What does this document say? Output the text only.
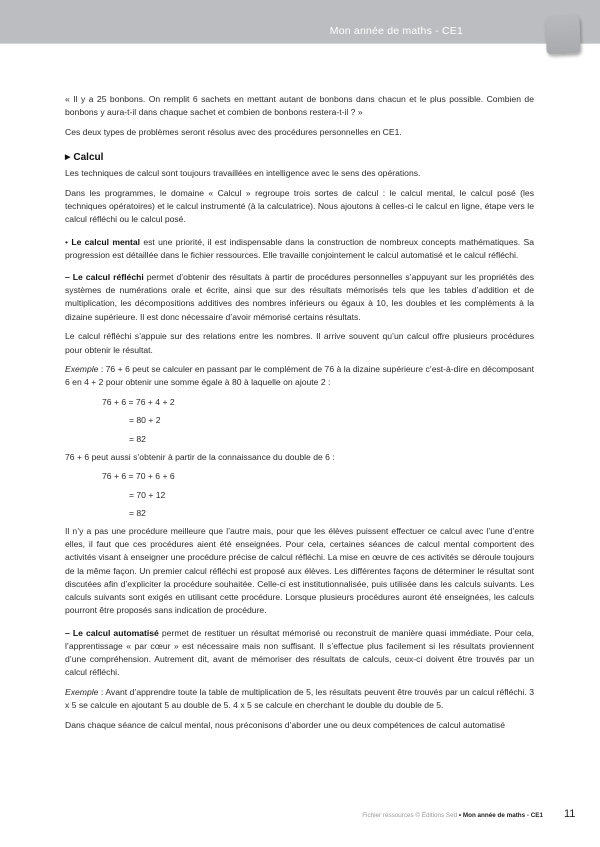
Mon année de maths - CE1

« Il y a 25 bonbons. On remplit 6 sachets en mettant autant de bonbons dans chacun et le plus possible. Combien de bonbons y aura-t-il dans chaque sachet et combien de bonbons restera-t-il ? »

Ces deux types de problèmes seront résolus avec des procédures personnelles en CE1.

▶ Calcul

Les techniques de calcul sont toujours travaillées en intelligence avec le sens des opérations.

Dans les programmes, le domaine « Calcul » regroupe trois sortes de calcul : le calcul mental, le calcul posé (les techniques opératoires) et le calcul instrumenté (à la calculatrice). Nous ajoutons à celles-ci le calcul en ligne, étape vers le calcul réfléchi ou le calcul posé.

• Le calcul mental est une priorité, il est indispensable dans la construction de nombreux concepts mathématiques. Sa progression est détaillée dans le fichier ressources. Elle travaille conjointement le calcul automatisé et le calcul réfléchi.

– Le calcul réfléchi permet d’obtenir des résultats à partir de procédures personnelles s’appuyant sur les propriétés des systèmes de numérations orale et écrite, ainsi que sur des résultats mémorisés tels que les tables d’addition et de multiplication, les décompositions additives des nombres inférieurs ou égaux à 10, les doubles et les compléments à la dizaine supérieure. Il est donc nécessaire d’avoir mémorisé certains résultats.

Le calcul réfléchi s’appuie sur des relations entre les nombres. Il arrive souvent qu’un calcul offre plusieurs procédures pour obtenir le résultat.

Exemple : 76 + 6 peut se calculer en passant par le complément de 76 à la dizaine supérieure c’est-à-dire en décomposant 6 en 4 + 2 pour obtenir une somme égale à 80 à laquelle on ajoute 2 :

76 + 6 = 76 + 4 + 2
= 80 + 2
= 82

76 + 6 peut aussi s’obtenir à partir de la connaissance du double de 6 :

76 + 6 = 70 + 6 + 6
= 70 + 12
= 82

Il n’y a pas une procédure meilleure que l’autre mais, pour que les élèves puissent effectuer ce calcul avec l’une d’entre elles, il faut que ces procédures aient été enseignées. Pour cela, certaines séances de calcul mental comportent des activités visant à enseigner une procédure précise de calcul réfléchi. La mise en œuvre de ces activités se déroule toujours de la même façon. Un premier calcul réfléchi est proposé aux élèves. Les différentes façons de déterminer le résultat sont discutées afin d’expliciter la procédure souhaitée. Celle-ci est institutionnalisée, puis utilisée dans les calculs suivants. Les calculs suivants sont exigés en utilisant cette procédure. Lorsque plusieurs procédures auront été enseignées, les calculs pourront être proposés sans indication de procédure.

– Le calcul automatisé permet de restituer un résultat mémorisé ou reconstruit de manière quasi immédiate. Pour cela, l’apprentissage « par cœur » est nécessaire mais non suffisant. Il s’effectue plus facilement si les résultats proviennent d’une compréhension. Autrement dit, avant de mémoriser des résultats de calculs, ceux-ci doivent être trouvés par un calcul réfléchi.

Exemple : Avant d’apprendre toute la table de multiplication de 5, les résultats peuvent être trouvés par un calcul réfléchi. 3 x 5 se calcule en ajoutant 5 au double de 5. 4 x 5 se calcule en cherchant le double du double de 5.

Dans chaque séance de calcul mental, nous préconisons d’aborder une ou deux compétences de calcul automatisé

Fichier ressources © Éditions Sed • Mon année de maths - CE1 11
